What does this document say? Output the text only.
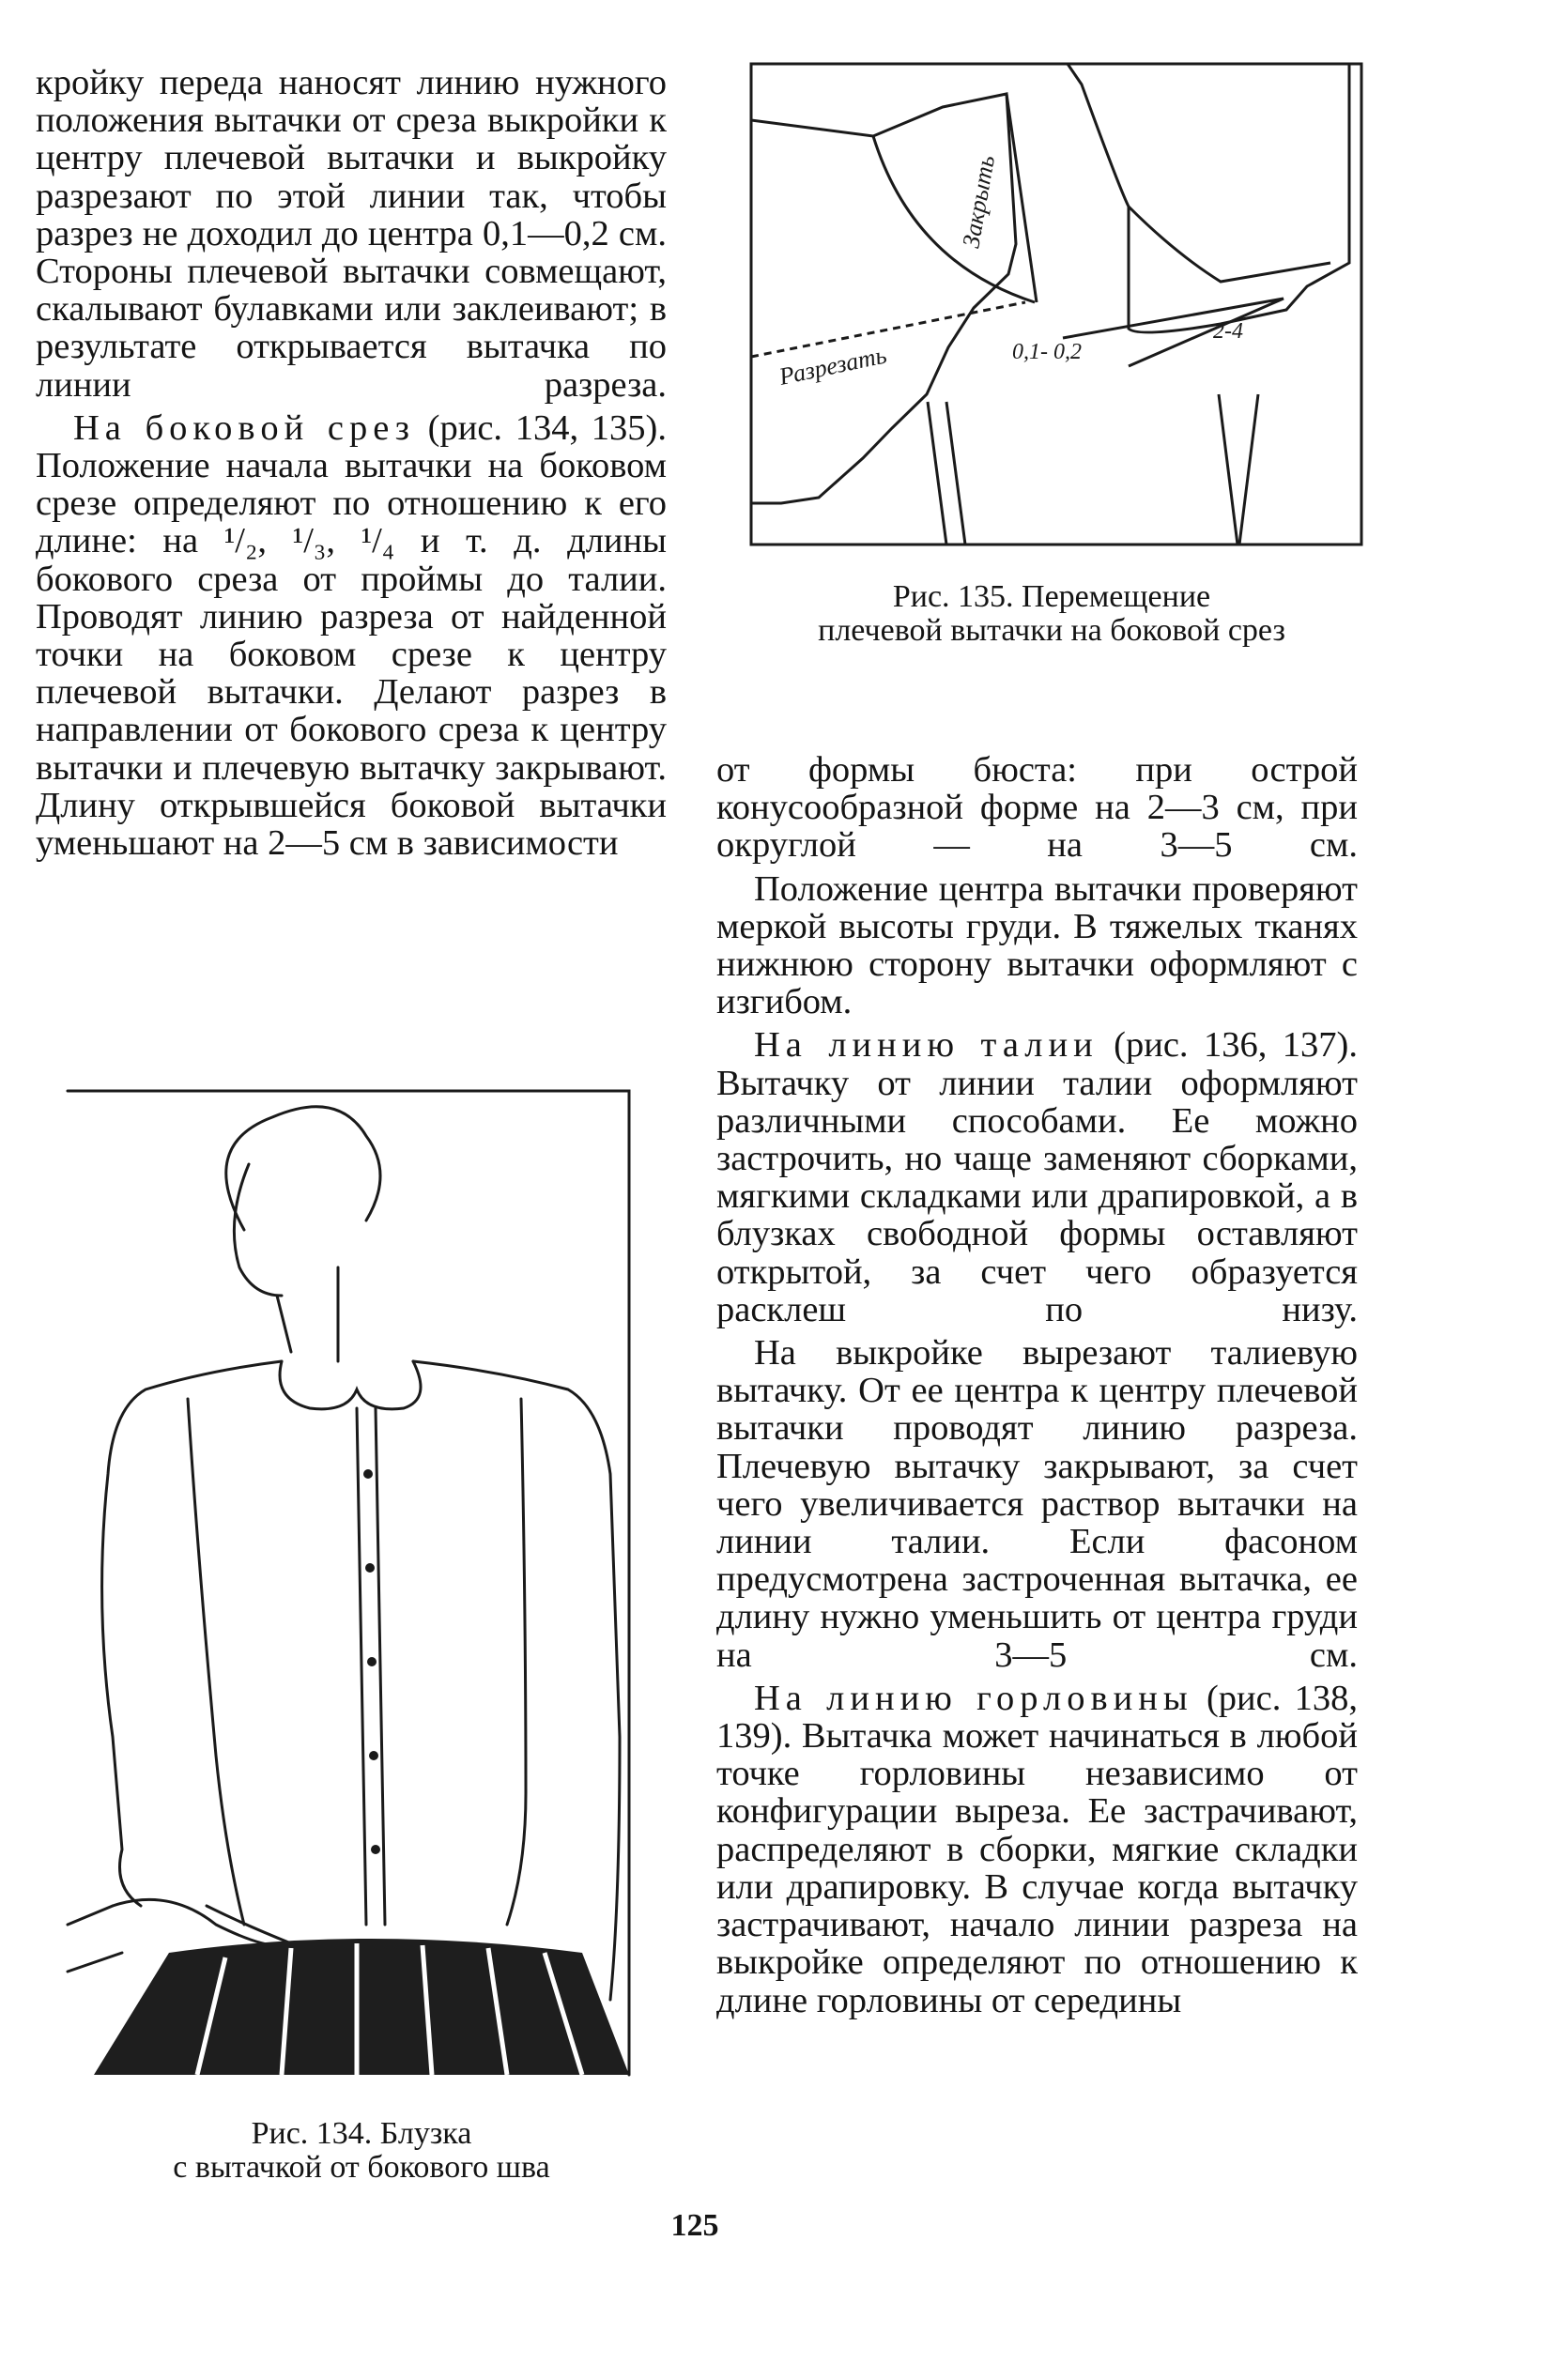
кройку переда наносят линию нужного положения вытачки от среза выкройки к центру плечевой вытачки и выкройку разрезают по этой линии так, чтобы разрез не доходил до центра 0,1—0,2 см. Стороны плечевой вытачки совмещают, скалывают булавками или заклеивают; в результате открывается вытачка по линии разреза.

На боковой срез (рис. 134, 135). Положение начала вытачки на боковом срезе определяют по отношению к его длине: на ¹/₂, ¹/₃, ¹/₄ и т. д. длины бокового среза от проймы до талии. Проводят линию разреза от найденной точки на боковом срезе к центру плечевой вытачки. Делают разрез в направлении от бокового среза к центру вытачки и плечевую вытачку закрывают. Длину открывшейся боковой вытачки уменьшают на 2—5 см в зависимости

Закрыть
Разрезать	0,1- 0,2
2-4
Рис. 135. Перемещение
плечевой вытачки на боковой срез

от формы бюста: при острой конусообразной форме на 2—3 см, при округлой — на 3—5 см.

Положение центра вытачки проверяют меркой высоты груди. В тяжелых тканях нижнюю сторону вытачки оформляют с изгибом.

На линию талии (рис. 136, 137). Вытачку от линии талии оформляют различными способами. Ее можно застрочить, но чаще заменяют сборками, мягкими складками или драпировкой, а в блузках свободной формы оставляют открытой, за счет чего образуется расклеш по низу.

На выкройке вырезают талиевую вытачку. От ее центра к центру плечевой вытачки проводят линию разреза. Плечевую вытачку закрывают, за счет чего увеличивается раствор вытачки на линии талии. Если фасоном предусмотрена застроченная вытачка, ее длину нужно уменьшить от центра груди на 3—5 см.

На линию горловины (рис. 138, 139). Вытачка может начинаться в любой точке горловины независимо от конфигурации выреза. Ее застрачивают, распределяют в сборки, мягкие складки или драпировку. В случае когда вытачку застрачивают, начало линии разреза на выкройке определяют по отношению к длине горловины от середины

Рис. 134. Блузка
с вытачкой от бокового шва
125
